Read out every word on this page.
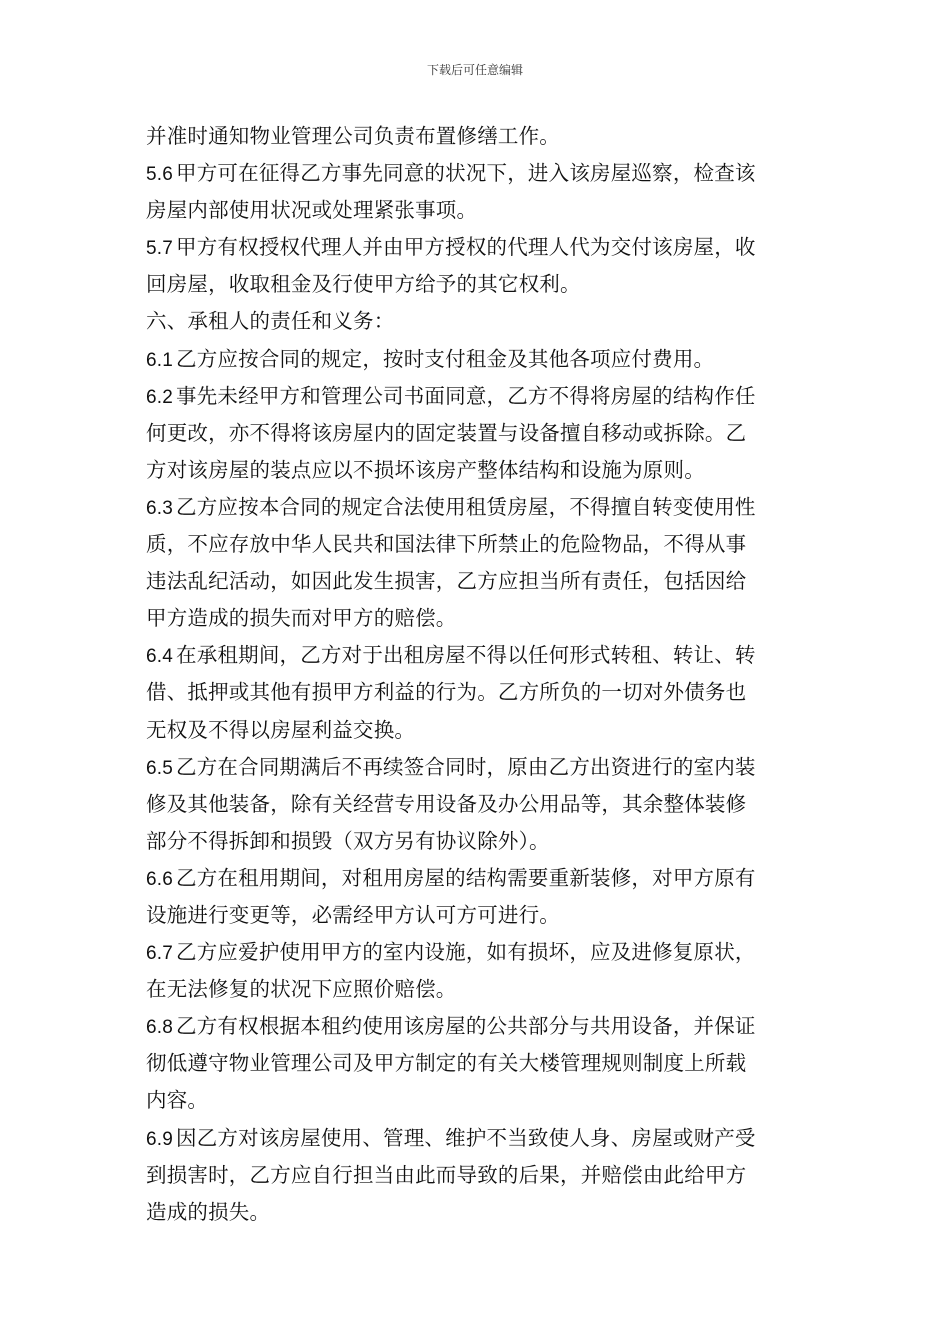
下载后可任意编辑
并准时通知物业管理公司负责布置修缮工作。
5.6 甲方可在征得乙方事先同意的状况下，进入该房屋巡察，检查该
房屋内部使用状况或处理紧张事项。
5.7 甲方有权授权代理人并由甲方授权的代理人代为交付该房屋，收
回房屋，收取租金及行使甲方给予的其它权利。
六、承租人的责任和义务：
6.1 乙方应按合同的规定，按时支付租金及其他各项应付费用。
6.2 事先未经甲方和管理公司书面同意，乙方不得将房屋的结构作任
何更改，亦不得将该房屋内的固定装置与设备擅自移动或拆除。乙
方对该房屋的装点应以不损坏该房产整体结构和设施为原则。
6.3 乙方应按本合同的规定合法使用租赁房屋，不得擅自转变使用性
质，不应存放中华人民共和国法律下所禁止的危险物品，不得从事
违法乱纪活动，如因此发生损害，乙方应担当所有责任，包括因给
甲方造成的损失而对甲方的赔偿。
6.4 在承租期间，乙方对于出租房屋不得以任何形式转租、转让、转
借、抵押或其他有损甲方利益的行为。乙方所负的一切对外债务也
无权及不得以房屋利益交换。
6.5 乙方在合同期满后不再续签合同时，原由乙方出资进行的室内装
修及其他装备，除有关经营专用设备及办公用品等，其余整体装修
部分不得拆卸和损毁（双方另有协议除外）。
6.6 乙方在租用期间，对租用房屋的结构需要重新装修，对甲方原有
设施进行变更等，必需经甲方认可方可进行。
6.7 乙方应爱护使用甲方的室内设施，如有损坏，应及进修复原状，
在无法修复的状况下应照价赔偿。
6.8 乙方有权根据本租约使用该房屋的公共部分与共用设备，并保证
彻低遵守物业管理公司及甲方制定的有关大楼管理规则制度上所载
内容。
6.9 因乙方对该房屋使用、管理、维护不当致使人身、房屋或财产受
到损害时，乙方应自行担当由此而导致的后果，并赔偿由此给甲方
造成的损失。
